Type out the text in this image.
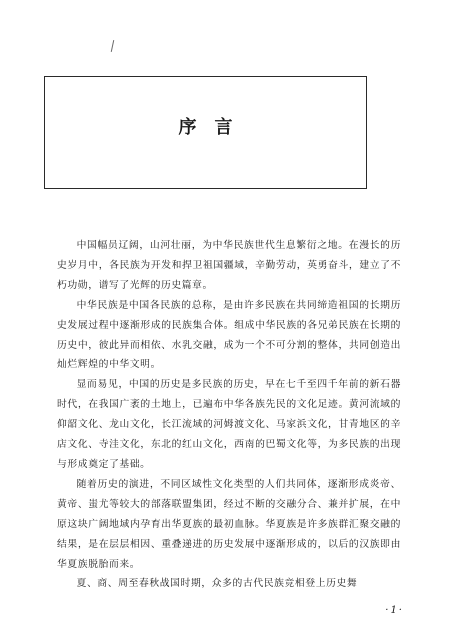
序　言

中国幅员辽阔，山河壮丽，为中华民族世代生息繁衍之地。在漫长的历史岁月中，各民族为开发和捍卫祖国疆域，辛勤劳动，英勇奋斗，建立了不朽功勋，谱写了光辉的历史篇章。

中华民族是中国各民族的总称，是由许多民族在共同缔造祖国的长期历史发展过程中逐渐形成的民族集合体。组成中华民族的各兄弟民族在长期的历史中，彼此异而相依、水乳交融，成为一个不可分割的整体，共同创造出灿烂辉煌的中华文明。

显而易见，中国的历史是多民族的历史，早在七千至四千年前的新石器时代，在我国广袤的土地上，已遍布中华各族先民的文化足迹。黄河流域的仰韶文化、龙山文化，长江流域的河姆渡文化、马家浜文化，甘青地区的辛店文化、寺洼文化，东北的红山文化，西南的巴蜀文化等，为多民族的出现与形成奠定了基础。

随着历史的演进，不同区域性文化类型的人们共同体，逐渐形成炎帝、黄帝、蚩尤等较大的部落联盟集团，经过不断的交融分合、兼并扩展，在中原这块广阔地域内孕育出华夏族的最初血脉。华夏族是许多族群汇聚交融的结果，是在层层相因、重叠递进的历史发展中逐渐形成的，以后的汉族即由华夏族脱胎而来。

夏、商、周至春秋战国时期，众多的古代民族竞相登上历史舞

·1·
